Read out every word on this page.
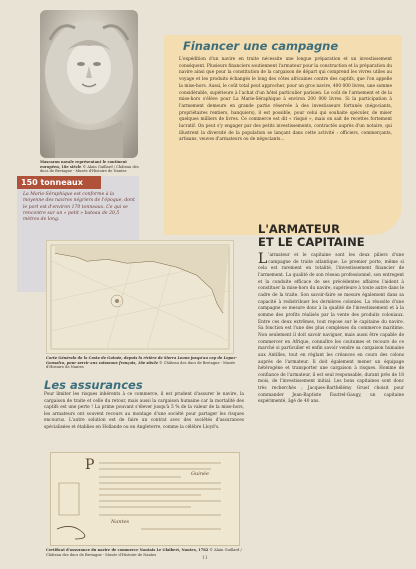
Mascaron navale représentant le continent européen, 18e siècle © Alain Guillard / Château des ducs de Bretagne - Musée d'Histoire de Nantes
150 tonneaux
La Marie-Séraphique est conforme à la moyenne des navires négriers de l'époque, dont le port est d'environ 170 tonneaux. Ce qui se rencontre sur un « petit » bateau de 20,5 mètres de long.
Financer une campagne
L'expédition d'un navire en traite nécessite une longue préparation et un investissement conséquent. Plusieurs financiers soutiennent l'armateur pour la construction et la préparation du navire ainsi que pour la constitution de la cargaison de départ qui comprend les vivres utiles au voyage et les produits échangés le long des côtes africaines contre des captifs, que l'on appelle la mise-hors. Aussi, le coût total peut approcher, pour un gros navire, 400 000 livres, une somme considérable, supérieure à l'achat d'un hôtel particulier parisien. Le coût de l'armement et de la mise-hors s'élève pour La Marie-Séraphique à environ 200 000 livres. Si la participation à l'armement demeure en grande partie réservée à des investisseurs fortunés (négociants, propriétaires rentiers, banquiers), il est possible, pour celui qui souhaite spéculer, de miser quelques milliers de livres. Ce commerce est dit « risqué », mais on sait de recettes fortement lucratif. On peut s'y engager par des petits investissements, contractés auprès d'un notaire, qui illustrent la diversité de la population se lançant dans cette activité : officiers, commerçants, artisans, veuves d'armateurs ou de négociants...
Carte Générale de la Coste de Guinée, depuis la rivière de Sierra Leone jusqu'au cap de Lopez-Gonsalvo, pour servir aux vaisseaux français, 18e siècle © Château des ducs de Bretagne - Musée d'Histoire de Nantes
Les assurances
Pour limiter les risques inhérents à ce commerce, il est prudent d'assurer le navire, la cargaison de traite et celle du retour, mais aussi la cargaison humaine car la mortalité des captifs est une perte ! La prime pouvant s'élever jusqu'à 5 % de la valeur de la mise-hors, les armateurs ont souvent recours au montage d'une société pour partager les risques encourus. L'autre solution est de faire un contrat avec des sociétés d'assurances spécialisées et établies en Hollande ou en Angleterre, comme la célèbre Lloyd's.
P
Guinée
Nantes
Certificat d'assurance du navire de commerce Nantais Le Glaibert, Nantes, 1782 © Alain Guillard / Château des ducs de Bretagne - Musée d'Histoire de Nantes
L'ARMATEUR
ET LE CAPITAINE
L 'armateur et le capitaine sont les deux piliers d'une campagne de traite atlantique. Le premier porte, même si cela est rarement en totalité, l'investissement financier de l'armement. La qualité de son réseau professionnel, son entregent et la conduite efficace de ses précédentes affaires l'aident à constituer la mise-hors du navire, supérieure à toute autre dans le cadre de la traite. Son savoir-faire se mesure également dans sa capacité à redistribuer les dernières colonies. La réussite d'une campagne se mesure donc à la qualité de l'investissement et à la somme des profits réalisés par la vente des produits coloniaux. Entre ces deux extrêmes, tout repose sur le capitaine du navire. Sa fonction est l'une des plus complexes du commerce maritime. Non seulement il doit savoir naviguer, mais aussi être capable de commercer en Afrique, connaître les coutumes et recours de ce marché si particulier et enfin savoir vendre sa cargaison humaine aux Antilles, tout en réglant les créances en cours des colons auprès de l'armateur. Il doit également mener un équipage hétérogène et transporter une cargaison à risques. Homme de confiance de l'armateur, il est seul responsable, durant près de 18 mois, de l'investissement initial. Les bons capitaines sont donc très recherchés ; Jacques-Barthélémy Gruel choisit pour commander Jean-Baptiste Fautrel-Gaugy, un capitaine expérimenté, âgé de 40 ans.
11
